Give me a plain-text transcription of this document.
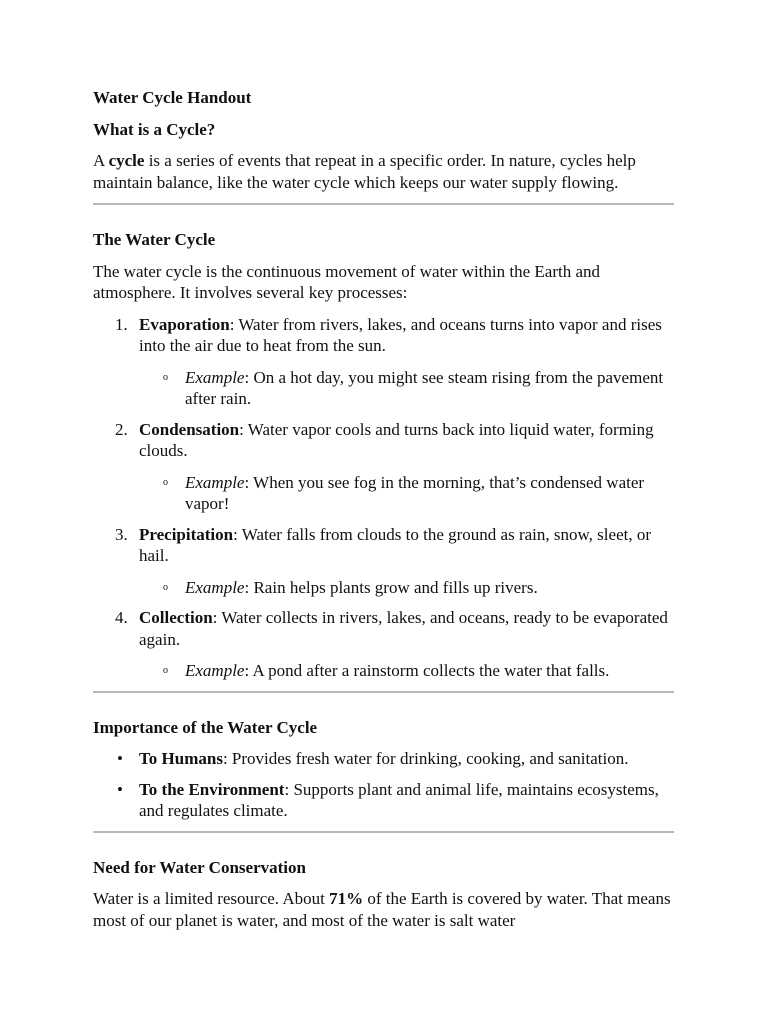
Water Cycle Handout
What is a Cycle?

A cycle is a series of events that repeat in a specific order. In nature, cycles help maintain balance, like the water cycle which keeps our water supply flowing.

The Water Cycle

The water cycle is the continuous movement of water within the Earth and atmosphere. It involves several key processes:

1. Evaporation: Water from rivers, lakes, and oceans turns into vapor and rises into the air due to heat from the sun.
o Example: On a hot day, you might see steam rising from the pavement after rain.
2. Condensation: Water vapor cools and turns back into liquid water, forming clouds.
o Example: When you see fog in the morning, that’s condensed water vapor!
3. Precipitation: Water falls from clouds to the ground as rain, snow, sleet, or hail.
o Example: Rain helps plants grow and fills up rivers.
4. Collection: Water collects in rivers, lakes, and oceans, ready to be evaporated again.
o Example: A pond after a rainstorm collects the water that falls.
Importance of the Water Cycle
• To Humans: Provides fresh water for drinking, cooking, and sanitation.
• To the Environment: Supports plant and animal life, maintains ecosystems, and regulates climate.
Need for Water Conservation

Water is a limited resource. About 71% of the Earth is covered by water. That means most of our planet is water, and most of the water is salt water
